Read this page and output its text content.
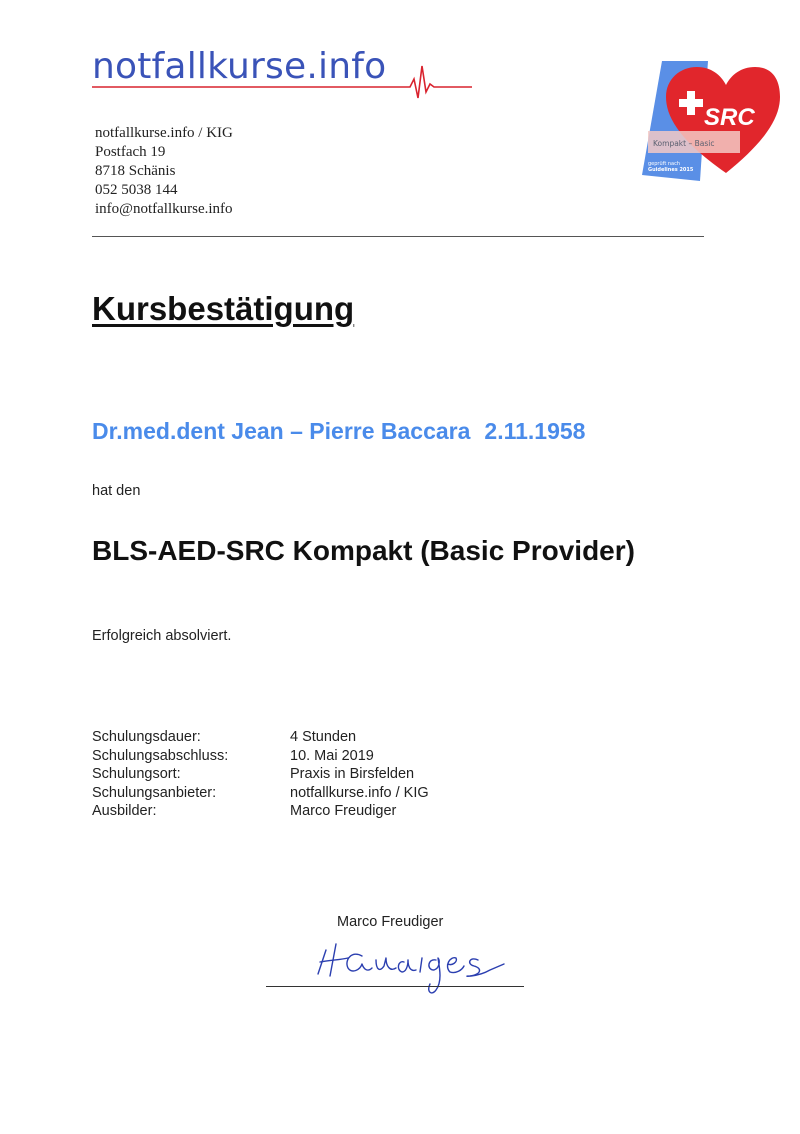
notfallkurse.info
notfallkurse.info / KIG
Postfach 19
8718 Schänis
052 5038 144
info@notfallkurse.info
SRC
Kompakt – Basic
geprüft nach
Guidelines 2015
Kursbestätigung
Dr.med.dent Jean – Pierre Baccara 2.11.1958
hat den
BLS-AED-SRC Kompakt (Basic Provider)
Erfolgreich absolviert.
Schulungsdauer:	4 Stunden
Schulungsabschluss:	10. Mai 2019
Schulungsort:	Praxis in Birsfelden
Schulungsanbieter:	notfallkurse.info / KIG
Ausbilder:	Marco Freudiger
Marco Freudiger
